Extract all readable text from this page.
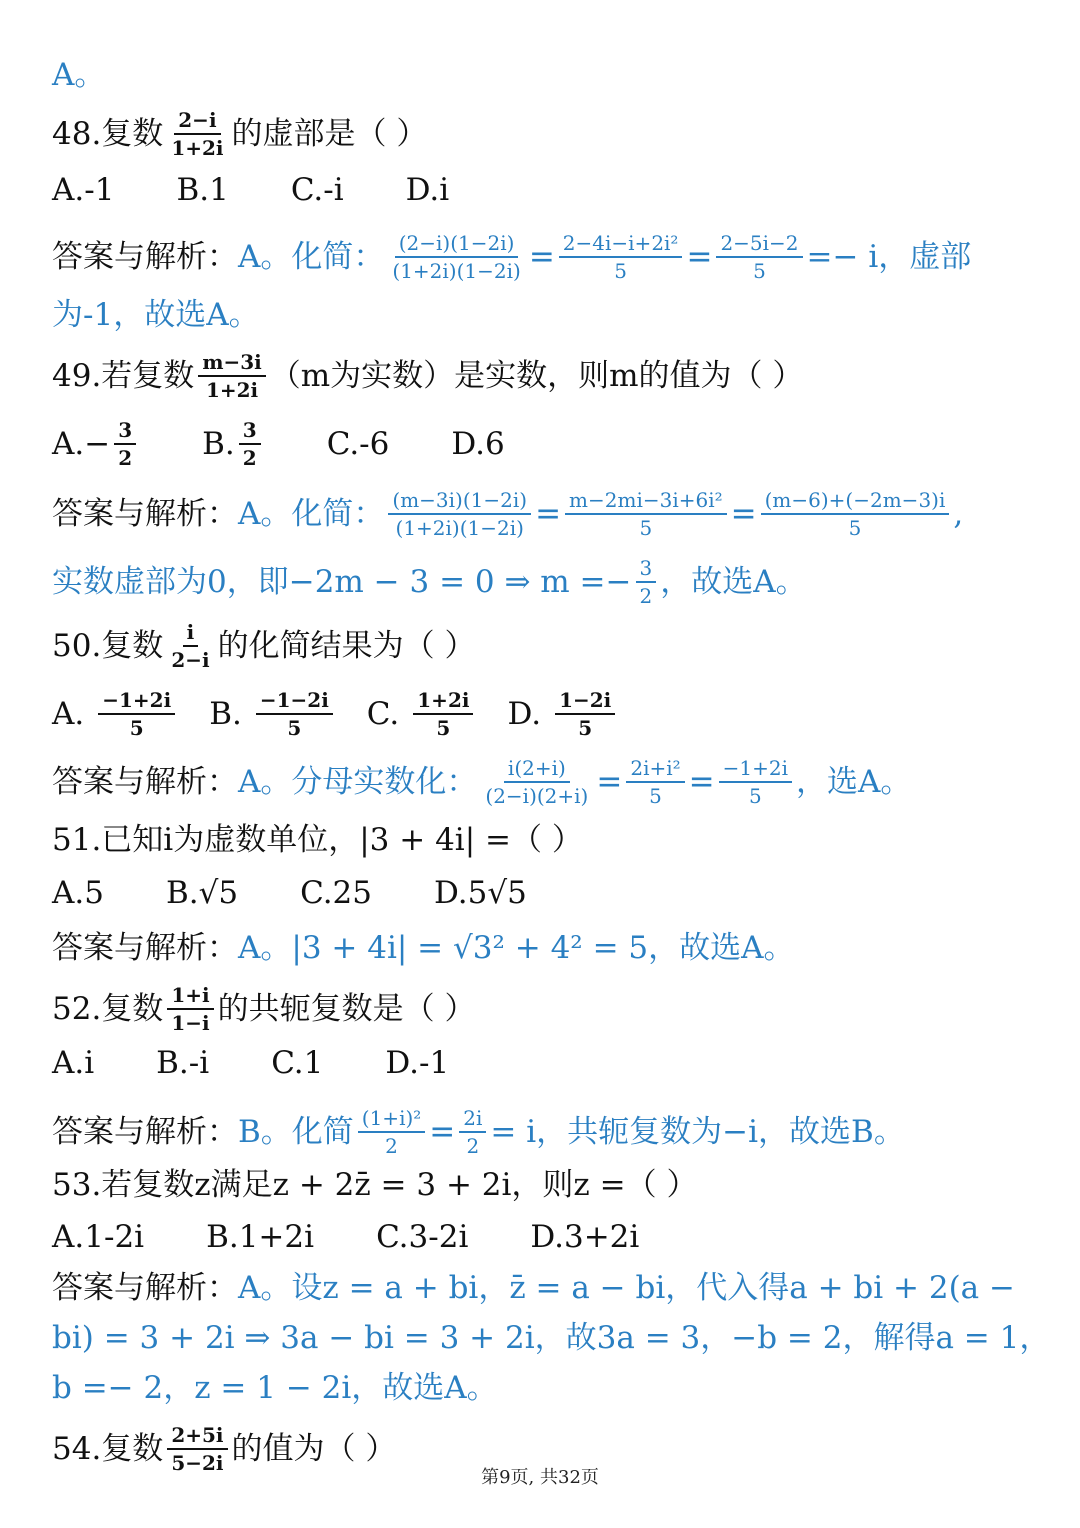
A。
48.复数 $\frac{2-i}{1+2i}$ 的虚部是（ ）
A.-1 B.1 C.-i D.i
答案与解析： A。化简： $\frac{(2-i)(1-2i)}{(1+2i)(1-2i)} = \frac{\text{2−4i−i+2i²}}{5} = \frac{2-5i-2}{5} =- i$，虚部
为-1，故选A。
49.若复数 $\frac{m-3i}{1+2i} (m$为实数）是实数，则m的值为（ ）
$A.- \frac{3}{2} B$. $\frac{3}{2} C.-6$ D.6
答案与解析： A。化简： $\frac{(m-3i)(1-2i)}{(1+2i)(1-2i)} = \frac{\text{m−2mi−3i+6i²}}{5} = \frac{(m-6)+(-2m-3)i}{5}$ ,
实数虚部为0，即−2m − 3 = 0 ⇒ $m =- \frac{3}{2}$ ，故选A。
50.复数 $\frac{i}{2-i}$ 的化简结果为（ ）
A. $\frac{-1+2i}{5} B$. $\frac{-1-2i}{5} C$. $\frac{1+2i}{5} D$. $\frac{1-2i}{5}$
答案与解析： A。分母实数化： $\frac{i(2+i)}{(2-i)(2+i)} = \frac{\text{2i+i²}}{5} = \frac{-1+2i}{5}$ ，选A。
51.已知i为虚数单位，|3 + 4i| =（ ）
A.5 B.√5 C.25 D.5√5
答案与解析： A。|3 + 4i| = √3² + 4² = 5，故选A。
52.复数 $\frac{1+i}{1-i}$ 的共轭复数是（ ）
A.i B.-i C.1 D.-1
答案与解析： B。化简 $\frac{\text{(1+i)²}}{2} = \frac{2i}{2} = i$，共轭复数为−i，故选B。
53.若复数z满足z + 2z̄ = 3 + 2i，则z =（ ）
A.1-2i B.1+2i C.3-2i D.3+2i
答案与解析： A。设z = a + bi，z̄ = a − bi，代入得a + bi + 2(a −
bi) = 3 + 2i ⇒ 3a − bi = 3 + 2i，故3a = 3，−b = 2，解得a = 1，
b =− 2，z = 1 − 2i，故选A。
54.复数 $\frac{2+5i}{5-2i}$ 的值为（ ）
第9页, 共32页
